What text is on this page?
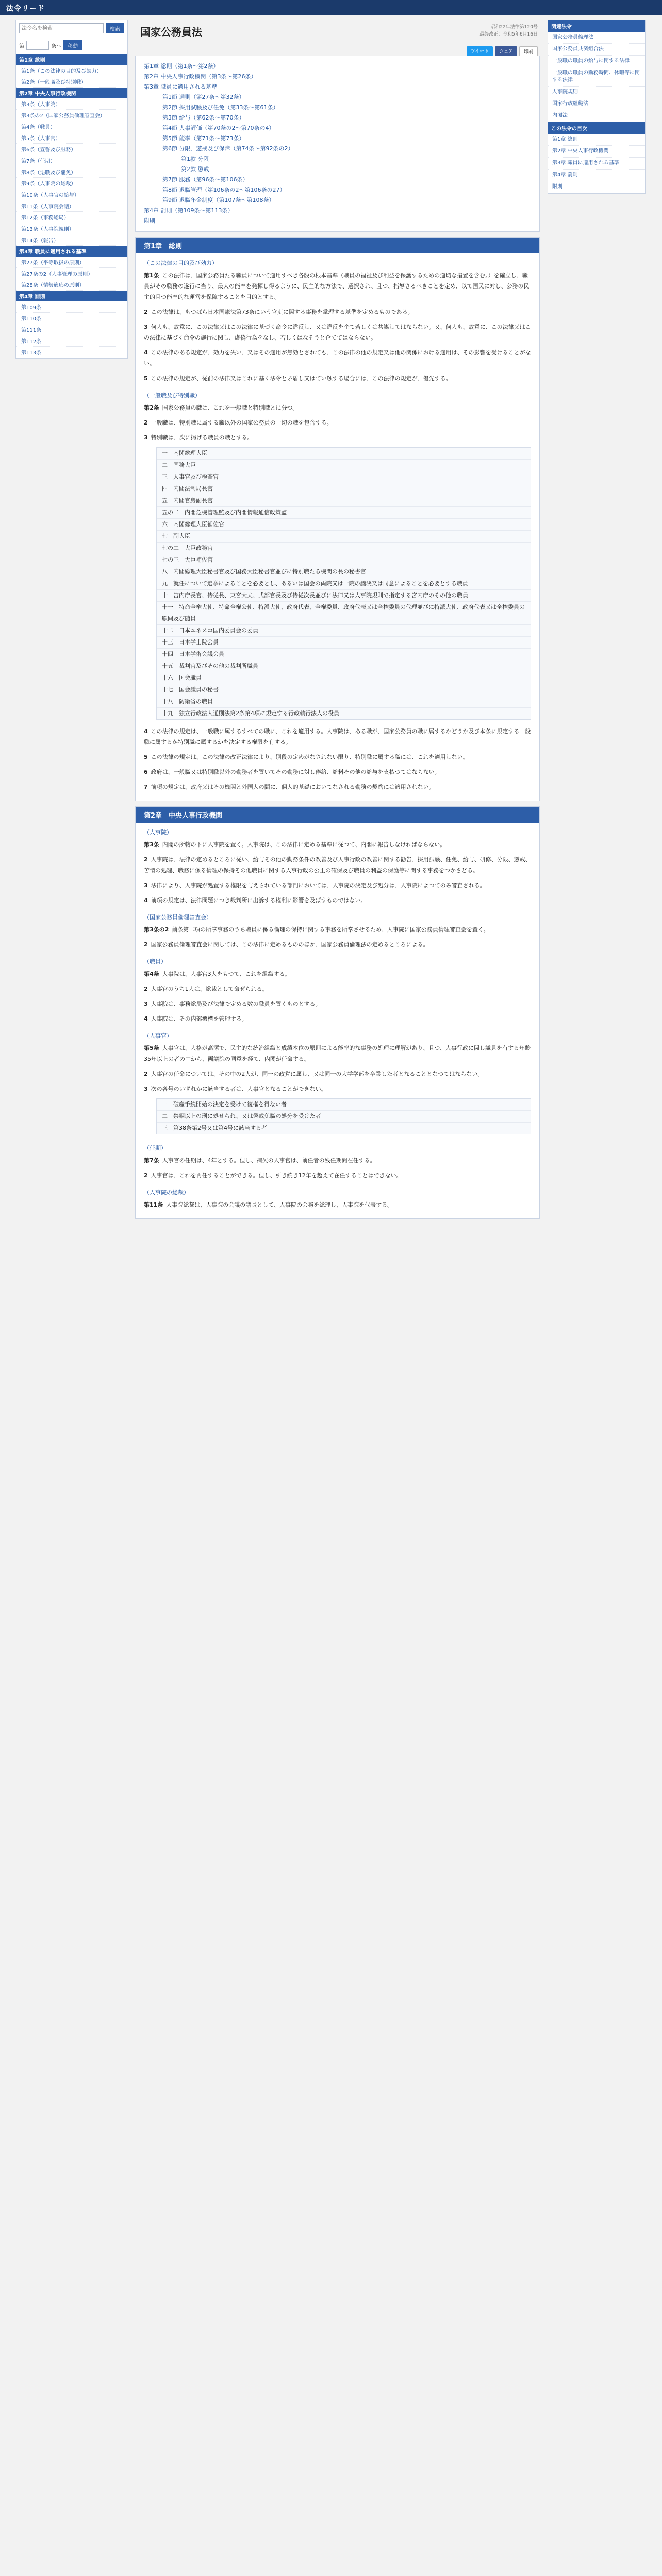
法令リード
法令名を検索
検索
第	条へ	移動
第1章 総則
第1条（この法律の目的及び効力）
第2条（一般職及び特別職）
第2章 中央人事行政機関
第3条（人事院）
第3条の2（国家公務員倫理審査会）
第4条（職員）
第5条（人事官）
第6条（宣誓及び服務）
第7条（任期）
第8条（退職及び罷免）
第9条（人事院の総裁）
第10条（人事官の給与）
第11条（人事院会議）
第12条（事務総局）
第13条（人事院規則）
第14条（報告）
第3章 職員に適用される基準
第27条（平等取扱の原則）
第27条の2（人事管理の原則）
第28条（情勢適応の原則）
第4章 罰則
第109条
第110条
第111条
第112条
第113条
国家公務員法	昭和22年法律第120号
最終改正：令和5年6月16日
ツイート	シェア	印刷
第1章 総則（第1条～第2条）
第2章 中央人事行政機関（第3条～第26条）
第3章 職員に適用される基準
第1節 通則（第27条～第32条）
第2節 採用試験及び任免（第33条～第61条）
第3節 給与（第62条～第70条）
第4節 人事評価（第70条の2～第70条の4）
第5節 能率（第71条～第73条）
第6節 分限、懲戒及び保障（第74条～第92条の2）
第1款 分限
第2款 懲戒
第7節 服務（第96条～第106条）
第8節 退職管理（第106条の2～第106条の27）
第9節 退職年金制度（第107条～第108条）
第4章 罰則（第109条～第113条）
附則
第1章　総則
（この法律の目的及び効力）
第1条 この法律は、国家公務員たる職員について適用すべき各般の根本基準（職員の福祉及び利益を保護するための適切な措置を含む。）を確立し、職員がその職務の遂行に当り、最大の能率を発揮し得るように、民主的な方法で、選択され、且つ、指導さるべきことを定め、以て国民に対し、公務の民主的且つ能率的な運営を保障することを目的とする。
2 この法律は、もつぱら日本国憲法第73条にいう官吏に関する事務を掌理する基準を定めるものである。
3 何人も、故意に、この法律又はこの法律に基づく命令に違反し、又は違反を企て若しくは共謀してはならない。又、何人も、故意に、この法律又はこの法律に基づく命令の施行に関し、虚偽行為をなし、若しくはなそうと企ててはならない。
4 この法律のある規定が、効力を失い、又はその適用が無効とされても、この法律の他の規定又は他の関係における適用は、その影響を受けることがない。
5 この法律の規定が、従前の法律又はこれに基く法令と矛盾し又はてい触する場合には、この法律の規定が、優先する。
（一般職及び特別職）
第2条 国家公務員の職は、これを一般職と特別職とに分つ。
2 一般職は、特別職に属する職以外の国家公務員の一切の職を包含する。
3 特別職は、次に掲げる職員の職とする。
一　内閣総理大臣
二　国務大臣
三　人事官及び検査官
四　内閣法制局長官
五　内閣官房副長官
五の二　内閣危機管理監及び内閣情報通信政策監
六　内閣総理大臣補佐官
七　副大臣
七の二　大臣政務官
七の三　大臣補佐官
八　内閣総理大臣秘書官及び国務大臣秘書官並びに特別職たる機関の長の秘書官
九　就任について選挙によることを必要とし、あるいは国会の両院又は一院の議決又は同意によることを必要とする職員
十　宮内庁長官、侍従長、東宮大夫、式部官長及び侍従次長並びに法律又は人事院規則で指定する宮内庁のその他の職員
十一　特命全権大使、特命全権公使、特派大使、政府代表、全権委員、政府代表又は全権委員の代理並びに特派大使、政府代表又は全権委員の顧問及び随員
十二　日本ユネスコ国内委員会の委員
十三　日本学士院会員
十四　日本学術会議会員
十五　裁判官及びその他の裁判所職員
十六　国会職員
十七　国会議員の秘書
十八　防衛省の職員
十九　独立行政法人通則法第2条第4項に規定する行政執行法人の役員
4 この法律の規定は、一般職に属するすべての職に、これを適用する。人事院は、ある職が、国家公務員の職に属するかどうか及び本条に規定する一般職に属するか特別職に属するかを決定する権限を有する。
5 この法律の規定は、この法律の改正法律により、別段の定めがなされない限り、特別職に属する職には、これを適用しない。
6 政府は、一般職又は特別職以外の勤務者を置いてその勤務に対し俸給、給料その他の給与を支払つてはならない。
7 前項の規定は、政府又はその機関と外国人の間に、個人的基礎においてなされる勤務の契約には適用されない。
第2章　中央人事行政機関
（人事院）
第3条 内閣の所轄の下に人事院を置く。人事院は、この法律に定める基準に従つて、内閣に報告しなければならない。
2 人事院は、法律の定めるところに従い、給与その他の勤務条件の改善及び人事行政の改善に関する勧告、採用試験、任免、給与、研修、分限、懲戒、苦情の処理、職務に係る倫理の保持その他職員に関する人事行政の公正の確保及び職員の利益の保護等に関する事務をつかさどる。
3 法律により、人事院が処置する権限を与えられている部門においては、人事院の決定及び処分は、人事院によつてのみ審査される。
4 前項の規定は、法律問題につき裁判所に出訴する権利に影響を及ぼすものではない。
（国家公務員倫理審査会）
第3条の2 前条第二項の所掌事務のうち職員に係る倫理の保持に関する事務を所掌させるため、人事院に国家公務員倫理審査会を置く。
2 国家公務員倫理審査会に関しては、この法律に定めるもののほか、国家公務員倫理法の定めるところによる。
（職員）
第4条 人事院は、人事官3人をもつて、これを組織する。
2 人事官のうち1人は、総裁として命ぜられる。
3 人事院は、事務総局及び法律で定める数の職員を置くものとする。
4 人事院は、その内部機構を管理する。
（人事官）
第5条 人事官は、人格が高潔で、民主的な統治組織と成績本位の原則による能率的な事務の処理に理解があり、且つ、人事行政に関し識見を有する年齢35年以上の者の中から、両議院の同意を経て、内閣が任命する。
2 人事官の任命については、その中の2人が、同一の政党に属し、又は同一の大学学部を卒業した者となることとなつてはならない。
3 次の各号のいずれかに該当する者は、人事官となることができない。
一　破産手続開始の決定を受けて復権を得ない者
二　禁錮以上の刑に処せられ、又は懲戒免職の処分を受けた者
三　第38条第2号又は第4号に該当する者
（任期）
第7条 人事官の任期は、4年とする。但し、補欠の人事官は、前任者の残任期間在任する。
2 人事官は、これを再任することができる。但し、引き続き12年を超えて在任することはできない。
（人事院の総裁）
第11条 人事院総裁は、人事院の会議の議長として、人事院の会務を総理し、人事院を代表する。
関連法令
国家公務員倫理法
国家公務員共済組合法
一般職の職員の給与に関する法律
一般職の職員の勤務時間、休暇等に関する法律
人事院規則
国家行政組織法
内閣法
この法令の目次
第1章 総則
第2章 中央人事行政機関
第3章 職員に適用される基準
第4章 罰則
附則
